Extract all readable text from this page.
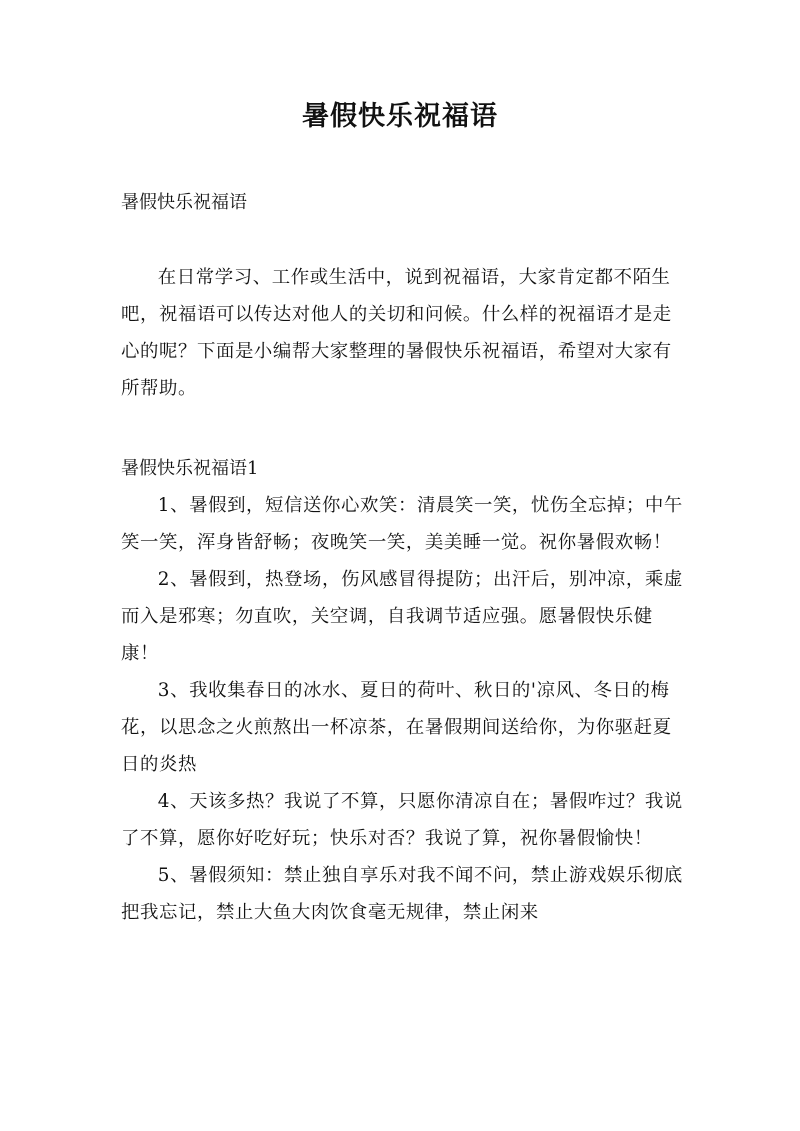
暑假快乐祝福语
暑假快乐祝福语

在日常学习、工作或生活中，说到祝福语，大家肯定都不陌生吧，祝福语可以传达对他人的关切和问候。什么样的祝福语才是走心的呢？下面是小编帮大家整理的暑假快乐祝福语，希望对大家有所帮助。

暑假快乐祝福语1

1、暑假到，短信送你心欢笑：清晨笑一笑，忧伤全忘掉；中午笑一笑，浑身皆舒畅；夜晚笑一笑，美美睡一觉。祝你暑假欢畅！

2、暑假到，热登场，伤风感冒得提防；出汗后，别冲凉，乘虚而入是邪寒；勿直吹，关空调，自我调节适应强。愿暑假快乐健康！

3、我收集春日的冰水、夏日的荷叶、秋日的'凉风、冬日的梅花，以思念之火煎熬出一杯凉茶，在暑假期间送给你，为你驱赶夏日的炎热

4、天该多热？我说了不算，只愿你清凉自在；暑假咋过？我说了不算，愿你好吃好玩；快乐对否？我说了算，祝你暑假愉快！

5、暑假须知：禁止独自享乐对我不闻不问，禁止游戏娱乐彻底把我忘记，禁止大鱼大肉饮食毫无规律，禁止闲来
